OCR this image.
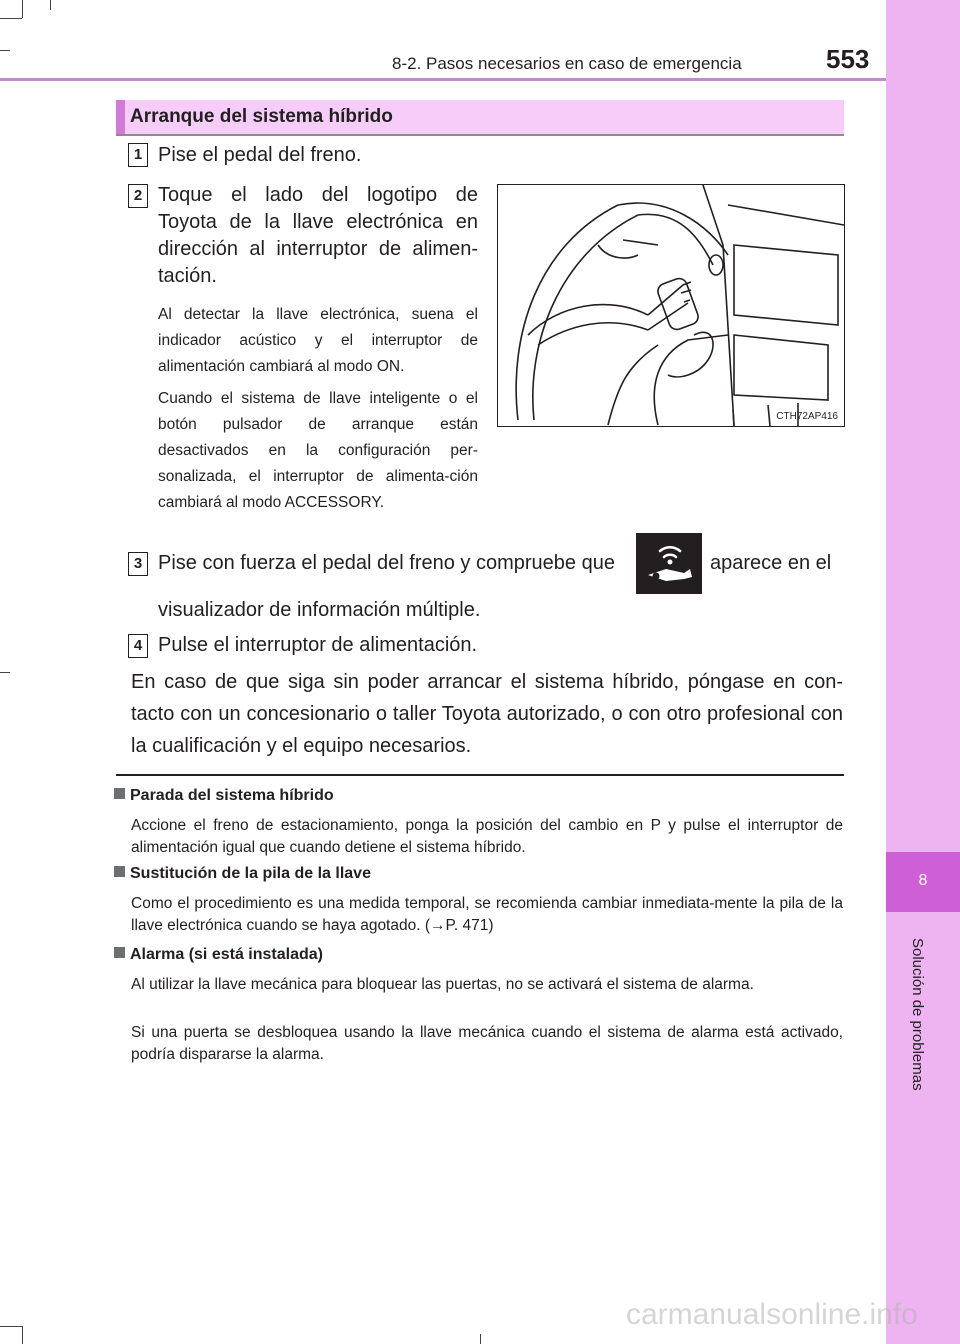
8-2. Pasos necesarios en caso de emergencia	553
8
Solución de problemas
Arranque del sistema híbrido
1 Pise el pedal del freno.
2 Toque el lado del logotipo de
Toyota de la llave electrónica en
dirección al interruptor de alimen-
tación.
Al detectar la llave electrónica, suena el indicador acústico y el interruptor de alimentación cambiará al modo ON.
Cuando el sistema de llave inteligente o el botón pulsador de arranque están desactivados en la configuración per-sonalizada, el interruptor de alimenta-ción cambiará al modo ACCESSORY.
CTH72AP416
3 Pise con fuerza el pedal del freno y compruebe que	aparece en el
visualizador de información múltiple.
4 Pulse el interruptor de alimentación.
En caso de que siga sin poder arrancar el sistema híbrido, póngase en con-tacto con un concesionario o taller Toyota autorizado, o con otro profesional con la cualificación y el equipo necesarios.
Parada del sistema híbrido
Accione el freno de estacionamiento, ponga la posición del cambio en P y pulse el interruptor de alimentación igual que cuando detiene el sistema híbrido.
Sustitución de la pila de la llave
Como el procedimiento es una medida temporal, se recomienda cambiar inmediata-mente la pila de la llave electrónica cuando se haya agotado. (→P. 471)
Alarma (si está instalada)
Al utilizar la llave mecánica para bloquear las puertas, no se activará el sistema de alarma.
Si una puerta se desbloquea usando la llave mecánica cuando el sistema de alarma está activado, podría dispararse la alarma.
carmanualsonline.info
